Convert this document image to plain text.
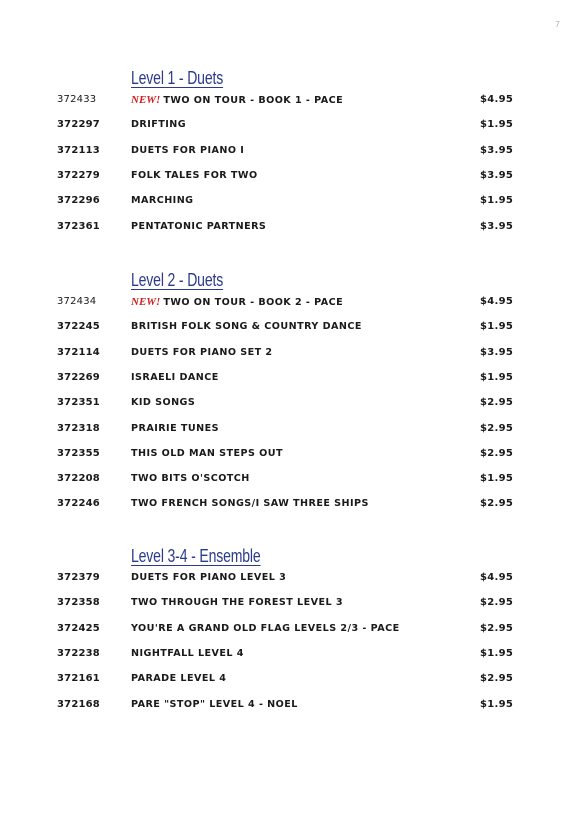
7
Level 1 - Duets
372433	NEW! TWO ON TOUR - BOOK 1 - PACE	$4.95
372297	DRIFTING	$1.95
372113	DUETS FOR PIANO I	$3.95
372279	FOLK TALES FOR TWO	$3.95
372296	MARCHING	$1.95
372361	PENTATONIC PARTNERS	$3.95
Level 2 - Duets
372434	NEW! TWO ON TOUR - BOOK 2 - PACE	$4.95
372245	BRITISH FOLK SONG & COUNTRY DANCE	$1.95
372114	DUETS FOR PIANO SET 2	$3.95
372269	ISRAELI DANCE	$1.95
372351	KID SONGS	$2.95
372318	PRAIRIE TUNES	$2.95
372355	THIS OLD MAN STEPS OUT	$2.95
372208	TWO BITS O'SCOTCH	$1.95
372246	TWO FRENCH SONGS/I SAW THREE SHIPS	$2.95
Level 3-4 - Ensemble
372379	DUETS FOR PIANO LEVEL 3	$4.95
372358	TWO THROUGH THE FOREST LEVEL 3	$2.95
372425	YOU'RE A GRAND OLD FLAG LEVELS 2/3 - PACE	$2.95
372238	NIGHTFALL LEVEL 4	$1.95
372161	PARADE LEVEL 4	$2.95
372168	PARE "STOP" LEVEL 4 - NOEL	$1.95
